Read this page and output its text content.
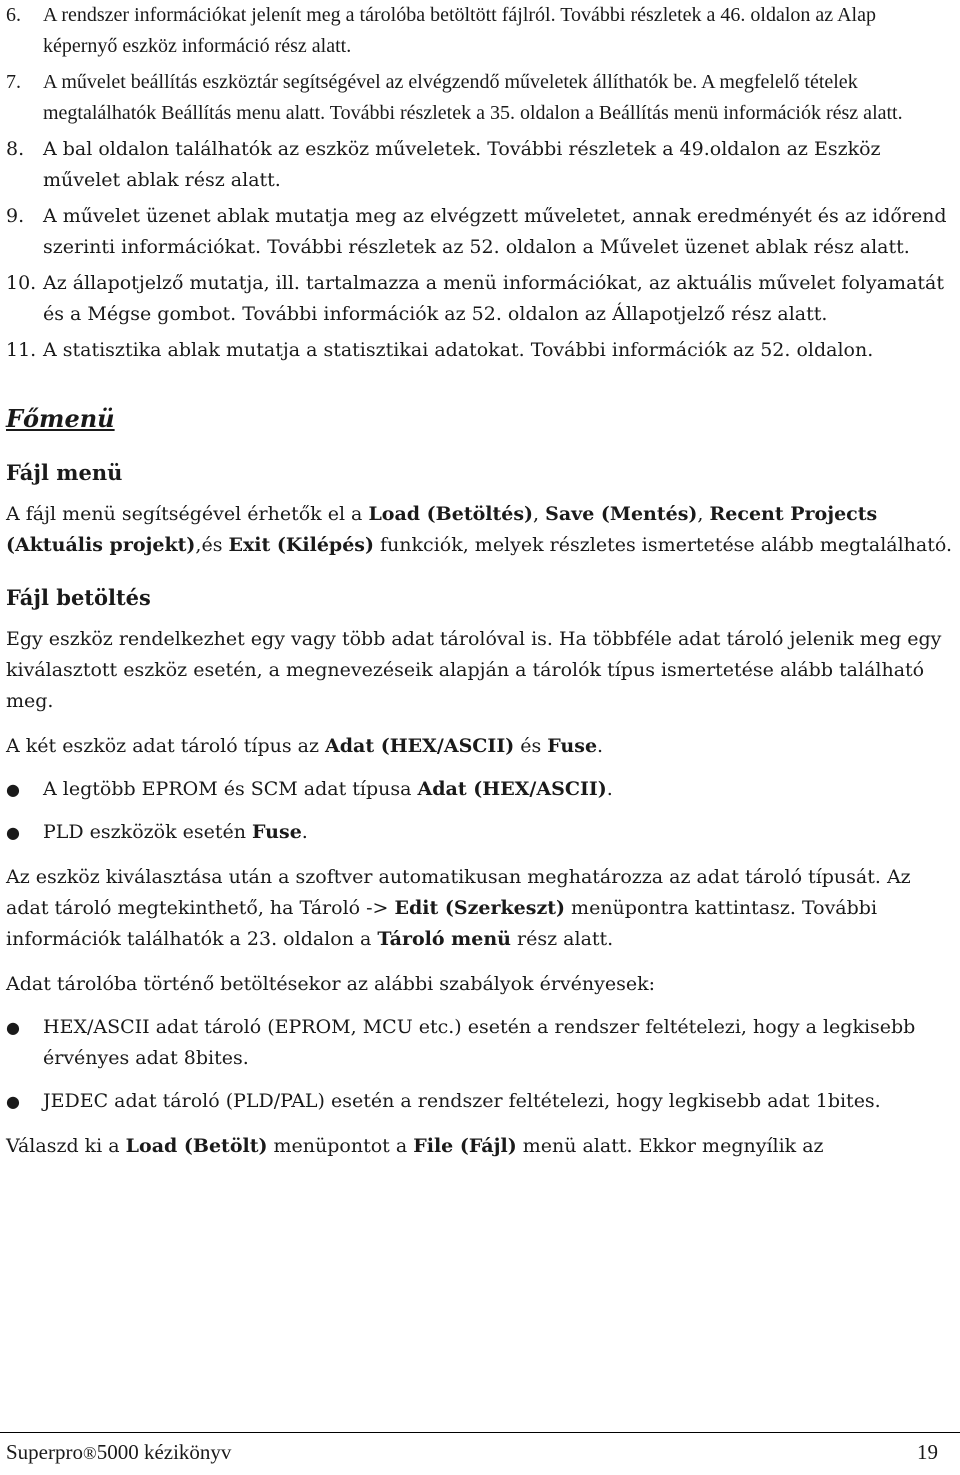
6. A rendszer információkat jelenít meg a tárolóba betöltött fájlról. További részletek a 46. oldalon az Alap képernyő eszköz információ rész alatt.
7. A művelet beállítás eszköztár segítségével az elvégzendő műveletek állíthatók be. A megfelelő tételek megtalálhatók Beállítás menu alatt. További részletek a 35. oldalon a Beállítás menü információk rész alatt.
8. A bal oldalon találhatók az eszköz műveletek. További részletek a 49.oldalon az Eszköz művelet ablak rész alatt.
9. A művelet üzenet ablak mutatja meg az elvégzett műveletet, annak eredményét és az időrend szerinti információkat. További részletek az 52. oldalon a Művelet üzenet ablak rész alatt.
10. Az állapotjelző mutatja, ill. tartalmazza a menü információkat, az aktuális művelet folyamatát és a Mégse gombot. További információk az 52. oldalon az Állapotjelző rész alatt.
11. A statisztika ablak mutatja a statisztikai adatokat. További információk az 52. oldalon.
Főmenü
Fájl menü
A fájl menü segítségével érhetők el a Load (Betöltés), Save (Mentés), Recent Projects (Aktuális projekt),és Exit (Kilépés) funkciók, melyek részletes ismertetése alább megtalálható.
Fájl betöltés
Egy eszköz rendelkezhet egy vagy több adat tárolóval is. Ha többféle adat tároló jelenik meg egy kiválasztott eszköz esetén, a megnevezéseik alapján a tárolók típus ismertetése alább található meg.
A két eszköz adat tároló típus az Adat (HEX/ASCII) és Fuse.
● A legtöbb EPROM és SCM adat típusa Adat (HEX/ASCII).
● PLD eszközök esetén Fuse.
Az eszköz kiválasztása után a szoftver automatikusan meghatározza az adat tároló típusát. Az adat tároló megtekinthető, ha Tároló -> Edit (Szerkeszt) menüpontra kattintasz. További információk találhatók a 23. oldalon a Tároló menü rész alatt.
Adat tárolóba történő betöltésekor az alábbi szabályok érvényesek:
● HEX/ASCII adat tároló (EPROM, MCU etc.) esetén a rendszer feltételezi, hogy a legkisebb érvényes adat 8bites.
● JEDEC adat tároló (PLD/PAL) esetén a rendszer feltételezi, hogy legkisebb adat 1bites.
Válaszd ki a Load (Betölt) menüpontot a File (Fájl) menü alatt. Ekkor megnyílik az
Superpro®5000 kézikönyv	19
